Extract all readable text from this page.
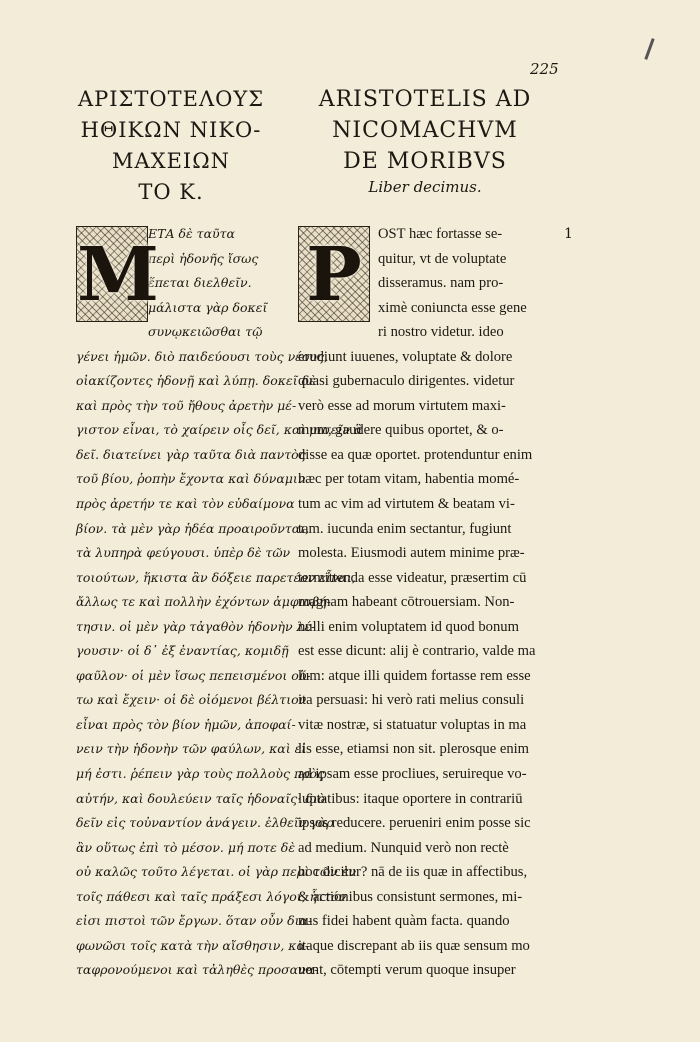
225
ΑΡΙΣΤΟΤΕΛΟΥΣ
ΗΘΙΚΩΝ ΝΙΚΟ-
ΜΑΧΕΙΩΝ
ΤΟ Κ.
ARISTOTELIS AD
NICOMACHVM
DE MORIBVS
Liber decimus.
M
ΕΤΑ δὲ ταῦτα
περὶ ἡδονῆς ἴσως
ἕπεται διελθεῖν.
μάλιστα γὰρ δοκεῖ
συνῳκειῶσθαι τῷ
γένει ἡμῶν. διὸ παιδεύουσι τοὺς νέους,
οἰακίζοντες ἡδονῇ καὶ λύπῃ. δοκεῖ δὲ
καὶ πρὸς τὴν τοῦ ἤθους ἀρετὴν μέ-
γιστον εἶναι, τὸ χαίρειν οἷς δεῖ, καὶ μισεῖν ἃ
δεῖ. διατείνει γὰρ ταῦτα διὰ παντὸς
τοῦ βίου, ῥοπὴν ἔχοντα καὶ δύναμιν
πρὸς ἀρετήν τε καὶ τὸν εὐδαίμονα
βίον. τὰ μὲν γὰρ ἡδέα προαιροῦνται,
τὰ λυπηρὰ φεύγουσι. ὑπὲρ δὲ τῶν
τοιούτων, ἥκιστα ἂν δόξειε παρετέον εἶναι,
ἄλλως τε καὶ πολλὴν ἐχόντων ἀμφισβή-
τησιν. οἱ μὲν γὰρ τἀγαθὸν ἡδονὴν λέ-
γουσιν· οἱ δ᾽ ἐξ ἐναντίας, κομιδῇ
φαῦλον· οἱ μὲν ἴσως πεπεισμένοι οὕ-
τω καὶ ἔχειν· οἱ δὲ οἰόμενοι βέλτιον
εἶναι πρὸς τὸν βίον ἡμῶν, ἀποφαί-
νειν τὴν ἡδονὴν τῶν φαύλων, καὶ εἰ
μή ἐστι. ῥέπειν γὰρ τοὺς πολλοὺς πρὸς
αὐτήν, καὶ δουλεύειν ταῖς ἡδοναῖς· διὸ
δεῖν εἰς τοὐναντίον ἀνάγειν. ἐλθεῖν γὰρ
ἂν οὕτως ἐπὶ τὸ μέσον. μή ποτε δὲ
οὐ καλῶς τοῦτο λέγεται. οἱ γὰρ περὶ τῶν ἐν
τοῖς πάθεσι καὶ ταῖς πράξεσι λόγοι, ἧττόν
εἰσι πιστοὶ τῶν ἔργων. ὅταν οὖν δια-
φωνῶσι τοῖς κατὰ τὴν αἴσθησιν, κα-
ταφρονούμενοι καὶ τἀληθὲς προσανα-
P	OST hæc fortasse se-
quitur, vt de voluptate
disseramus. nam pro-
ximè coniuncta esse gene
ri nostro videtur. ideo
erudiunt iuuenes, voluptate & dolore
quasi gubernaculo dirigentes. videtur
verò esse ad morum virtutem maxi-
mum, gaudere quibus oportet, & o-
disse ea quæ oportet. protenduntur enim
hæc per totam vitam, habentia momé-
tum ac vim ad virtutem & beatam vi-
tam. iucunda enim sectantur, fugiunt
molesta. Eiusmodi autem minime præ-
termittenda esse videatur, præsertim cū
magnam habeant cōtrouersiam. Non-
nulli enim voluptatem id quod bonum
est esse dicunt: alij è contrario, valde ma
lum: atque illi quidem fortasse rem esse
ita persuasi: hi verò rati melius consuli
vitæ nostræ, si statuatur voluptas in ma
lis esse, etiamsi non sit. plerosque enim
ad ipsam esse procliues, seruireque vo-
luptatibus: itaque oportere in contrariū
ipsos reducere. perueniri enim posse sic
ad medium. Nunquid verò non rectè
hoc dicitur? nā de iis quæ in affectibus,
& actionibus consistunt sermones, mi-
nus fidei habent quàm facta. quando
itaque discrepant ab iis quæ sensum mo
uent, cōtempti verum quoque insuper
1
